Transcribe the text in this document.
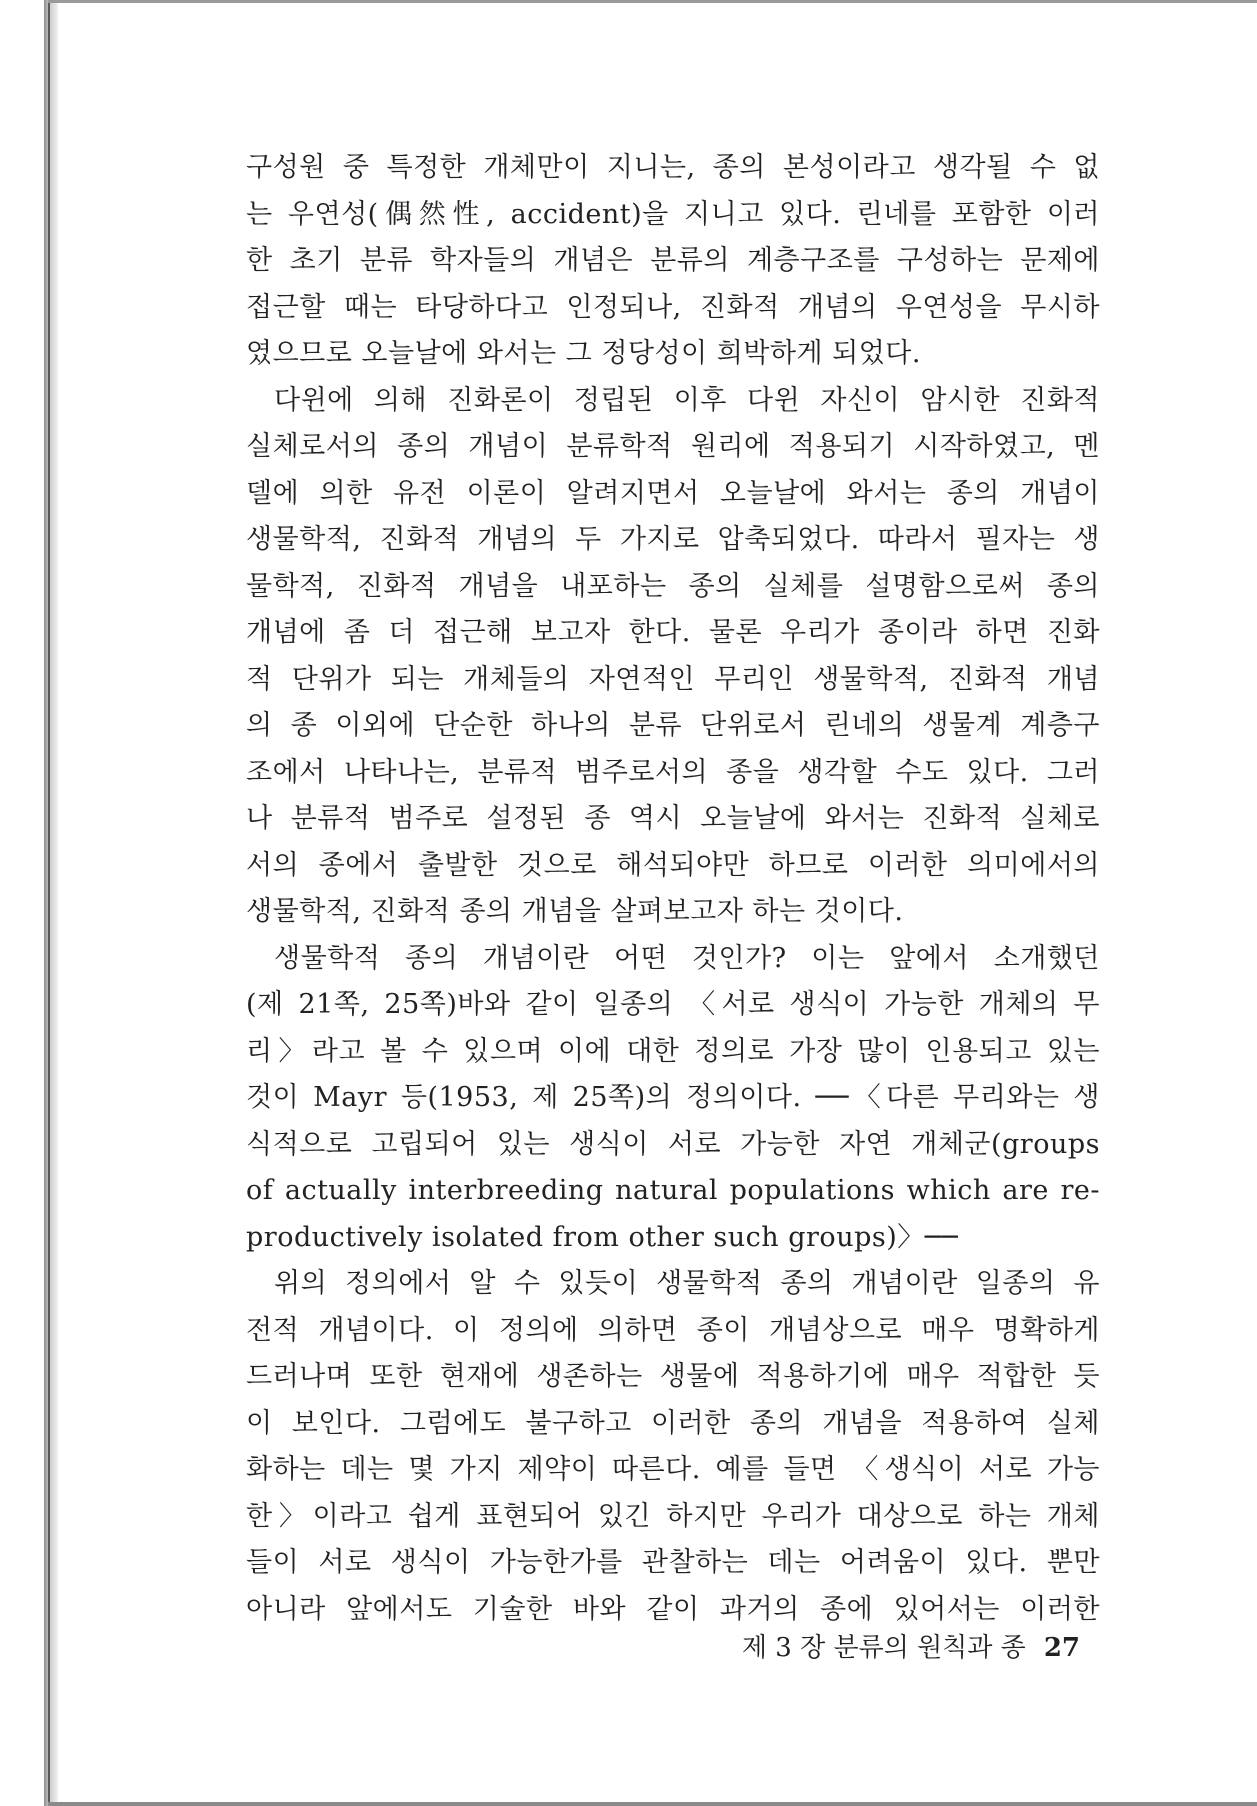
구성원 중 특정한 개체만이 지니는, 종의 본성이라고 생각될 수 없
는 우연성(偶然性, accident)을 지니고 있다. 린네를 포함한 이러
한 초기 분류 학자들의 개념은 분류의 계층구조를 구성하는 문제에
접근할 때는 타당하다고 인정되나, 진화적 개념의 우연성을 무시하
였으므로 오늘날에 와서는 그 정당성이 희박하게 되었다.
다윈에 의해 진화론이 정립된 이후 다윈 자신이 암시한 진화적
실체로서의 종의 개념이 분류학적 원리에 적용되기 시작하였고, 멘
델에 의한 유전 이론이 알려지면서 오늘날에 와서는 종의 개념이
생물학적, 진화적 개념의 두 가지로 압축되었다. 따라서 필자는 생
물학적, 진화적 개념을 내포하는 종의 실체를 설명함으로써 종의
개념에 좀 더 접근해 보고자 한다. 물론 우리가 종이라 하면 진화
적 단위가 되는 개체들의 자연적인 무리인 생물학적, 진화적 개념
의 종 이외에 단순한 하나의 분류 단위로서 린네의 생물계 계층구
조에서 나타나는, 분류적 범주로서의 종을 생각할 수도 있다. 그러
나 분류적 범주로 설정된 종 역시 오늘날에 와서는 진화적 실체로
서의 종에서 출발한 것으로 해석되야만 하므로 이러한 의미에서의
생물학적, 진화적 종의 개념을 살펴보고자 하는 것이다.
생물학적 종의 개념이란 어떤 것인가? 이는 앞에서 소개했던
(제 21쪽, 25쪽)바와 같이 일종의 〈서로 생식이 가능한 개체의 무
리〉라고 볼 수 있으며 이에 대한 정의로 가장 많이 인용되고 있는
것이 Mayr 등(1953, 제 25쪽)의 정의이다. ──〈다른 무리와는 생
식적으로 고립되어 있는 생식이 서로 가능한 자연 개체군(groups
of actually interbreeding natural populations which are re-
productively isolated from other such groups)〉──
위의 정의에서 알 수 있듯이 생물학적 종의 개념이란 일종의 유
전적 개념이다. 이 정의에 의하면 종이 개념상으로 매우 명확하게
드러나며 또한 현재에 생존하는 생물에 적용하기에 매우 적합한 듯
이 보인다. 그럼에도 불구하고 이러한 종의 개념을 적용하여 실체
화하는 데는 몇 가지 제약이 따른다. 예를 들면 〈생식이 서로 가능
한〉이라고 쉽게 표현되어 있긴 하지만 우리가 대상으로 하는 개체
들이 서로 생식이 가능한가를 관찰하는 데는 어려움이 있다. 뿐만
아니라 앞에서도 기술한 바와 같이 과거의 종에 있어서는 이러한
제 3 장 분류의 원칙과 종 27
